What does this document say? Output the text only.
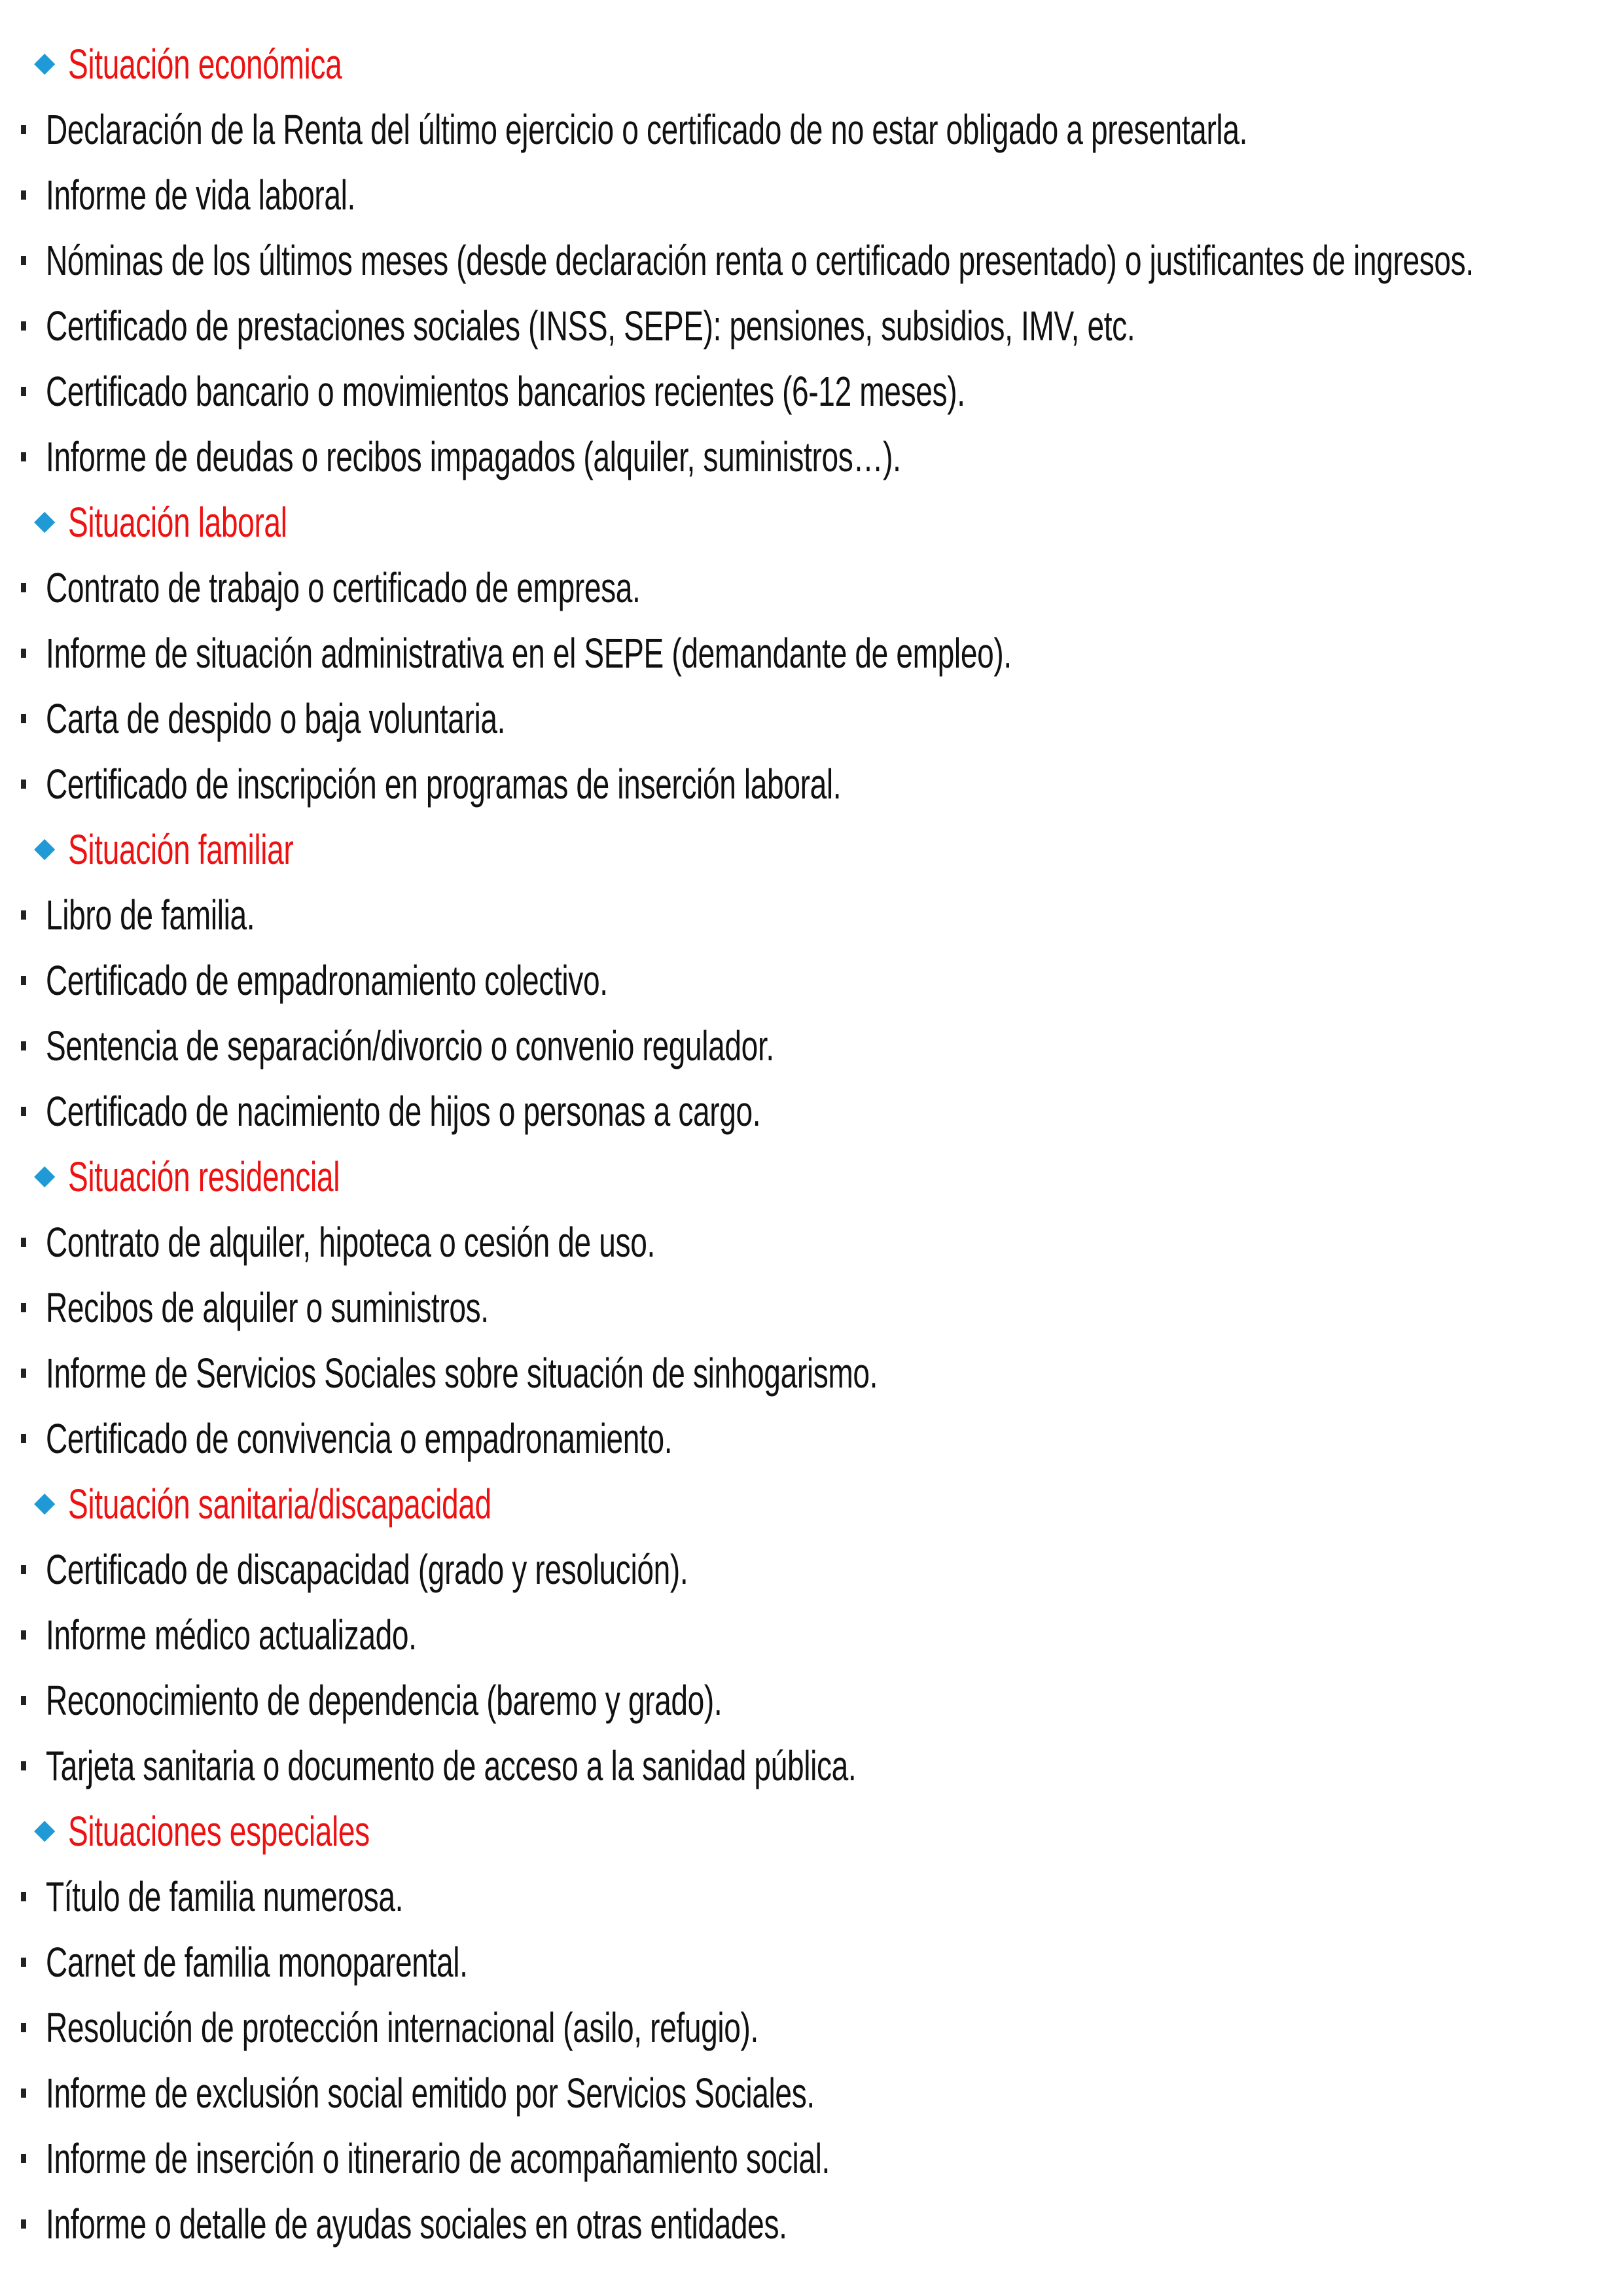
◆ Situación económica
Declaración de la Renta del último ejercicio o certificado de no estar obligado a presentarla.
Informe de vida laboral.
Nóminas de los últimos meses (desde declaración renta o certificado presentado) o justificantes de ingresos.
Certificado de prestaciones sociales (INSS, SEPE): pensiones, subsidios, IMV, etc.
Certificado bancario o movimientos bancarios recientes (6-12 meses).
Informe de deudas o recibos impagados (alquiler, suministros…).
◆ Situación laboral
Contrato de trabajo o certificado de empresa.
Informe de situación administrativa en el SEPE (demandante de empleo).
Carta de despido o baja voluntaria.
Certificado de inscripción en programas de inserción laboral.
◆ Situación familiar
Libro de familia.
Certificado de empadronamiento colectivo.
Sentencia de separación/divorcio o convenio regulador.
Certificado de nacimiento de hijos o personas a cargo.
◆ Situación residencial
Contrato de alquiler, hipoteca o cesión de uso.
Recibos de alquiler o suministros.
Informe de Servicios Sociales sobre situación de sinhogarismo.
Certificado de convivencia o empadronamiento.
◆ Situación sanitaria/discapacidad
Certificado de discapacidad (grado y resolución).
Informe médico actualizado.
Reconocimiento de dependencia (baremo y grado).
Tarjeta sanitaria o documento de acceso a la sanidad pública.
◆ Situaciones especiales
Título de familia numerosa.
Carnet de familia monoparental.
Resolución de protección internacional (asilo, refugio).
Informe de exclusión social emitido por Servicios Sociales.
Informe de inserción o itinerario de acompañamiento social.
Informe o detalle de ayudas sociales en otras entidades.
